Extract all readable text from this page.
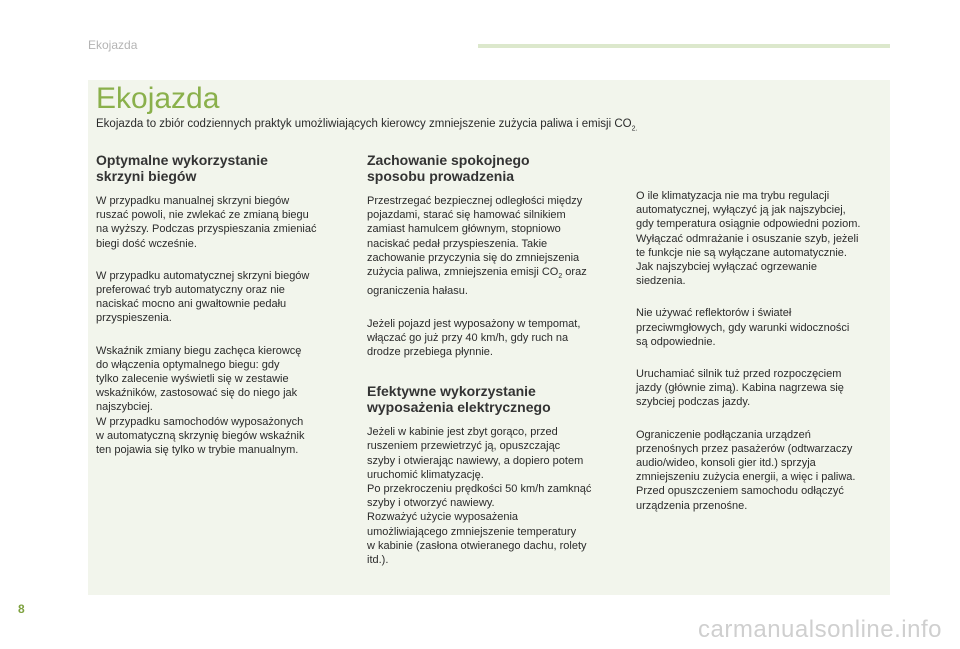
Ekojazda
Ekojazda
Ekojazda to zbiór codziennych praktyk umożliwiających kierowcy zmniejszenie zużycia paliwa i emisji $CO_{2.}$
Optymalne wykorzystanie
skrzyni biegów

W przypadku manualnej skrzyni biegów
ruszać powoli, nie zwlekać ze zmianą biegu
na wyższy. Podczas przyspieszania zmieniać
biegi dość wcześnie.

W przypadku automatycznej skrzyni biegów
preferować tryb automatyczny oraz nie
naciskać mocno ani gwałtownie pedału
przyspieszenia.

Wskaźnik zmiany biegu zachęca kierowcę
do włączenia optymalnego biegu: gdy
tylko zalecenie wyświetli się w zestawie
wskaźników, zastosować się do niego jak
najszybciej.
W przypadku samochodów wyposażonych
w automatyczną skrzynię biegów wskaźnik
ten pojawia się tylko w trybie manualnym.

Zachowanie spokojnego
sposobu prowadzenia

Przestrzegać bezpiecznej odległości między
pojazdami, starać się hamować silnikiem
zamiast hamulcem głównym, stopniowo
naciskać pedał przyspieszenia. Takie
zachowanie przyczynia się do zmniejszenia
zużycia paliwa, zmniejszenia emisji $CO_2$ oraz
ograniczenia hałasu.

Jeżeli pojazd jest wyposażony w tempomat,
włączać go już przy 40 km/h, gdy ruch na
drodze przebiega płynnie.

Efektywne wykorzystanie
wyposażenia elektrycznego

Jeżeli w kabinie jest zbyt gorąco, przed
ruszeniem przewietrzyć ją, opuszczając
szyby i otwierając nawiewy, a dopiero potem
uruchomić klimatyzację.
Po przekroczeniu prędkości 50 km/h zamknąć
szyby i otworzyć nawiewy.
Rozważyć użycie wyposażenia
umożliwiającego zmniejszenie temperatury
w kabinie (zasłona otwieranego dachu, rolety
itd.).

O ile klimatyzacja nie ma trybu regulacji
automatycznej, wyłączyć ją jak najszybciej,
gdy temperatura osiągnie odpowiedni poziom.
Wyłączać odmrażanie i osuszanie szyb, jeżeli
te funkcje nie są wyłączane automatycznie.
Jak najszybciej wyłączać ogrzewanie
siedzenia.

Nie używać reflektorów i świateł
przeciwmgłowych, gdy warunki widoczności
są odpowiednie.

Uruchamiać silnik tuż przed rozpoczęciem
jazdy (głównie zimą). Kabina nagrzewa się
szybciej podczas jazdy.

Ograniczenie podłączania urządzeń
przenośnych przez pasażerów (odtwarzaczy
audio/wideo, konsoli gier itd.) sprzyja
zmniejszeniu zużycia energii, a więc i paliwa.
Przed opuszczeniem samochodu odłączyć
urządzenia przenośne.

8
carmanualsonline.info
